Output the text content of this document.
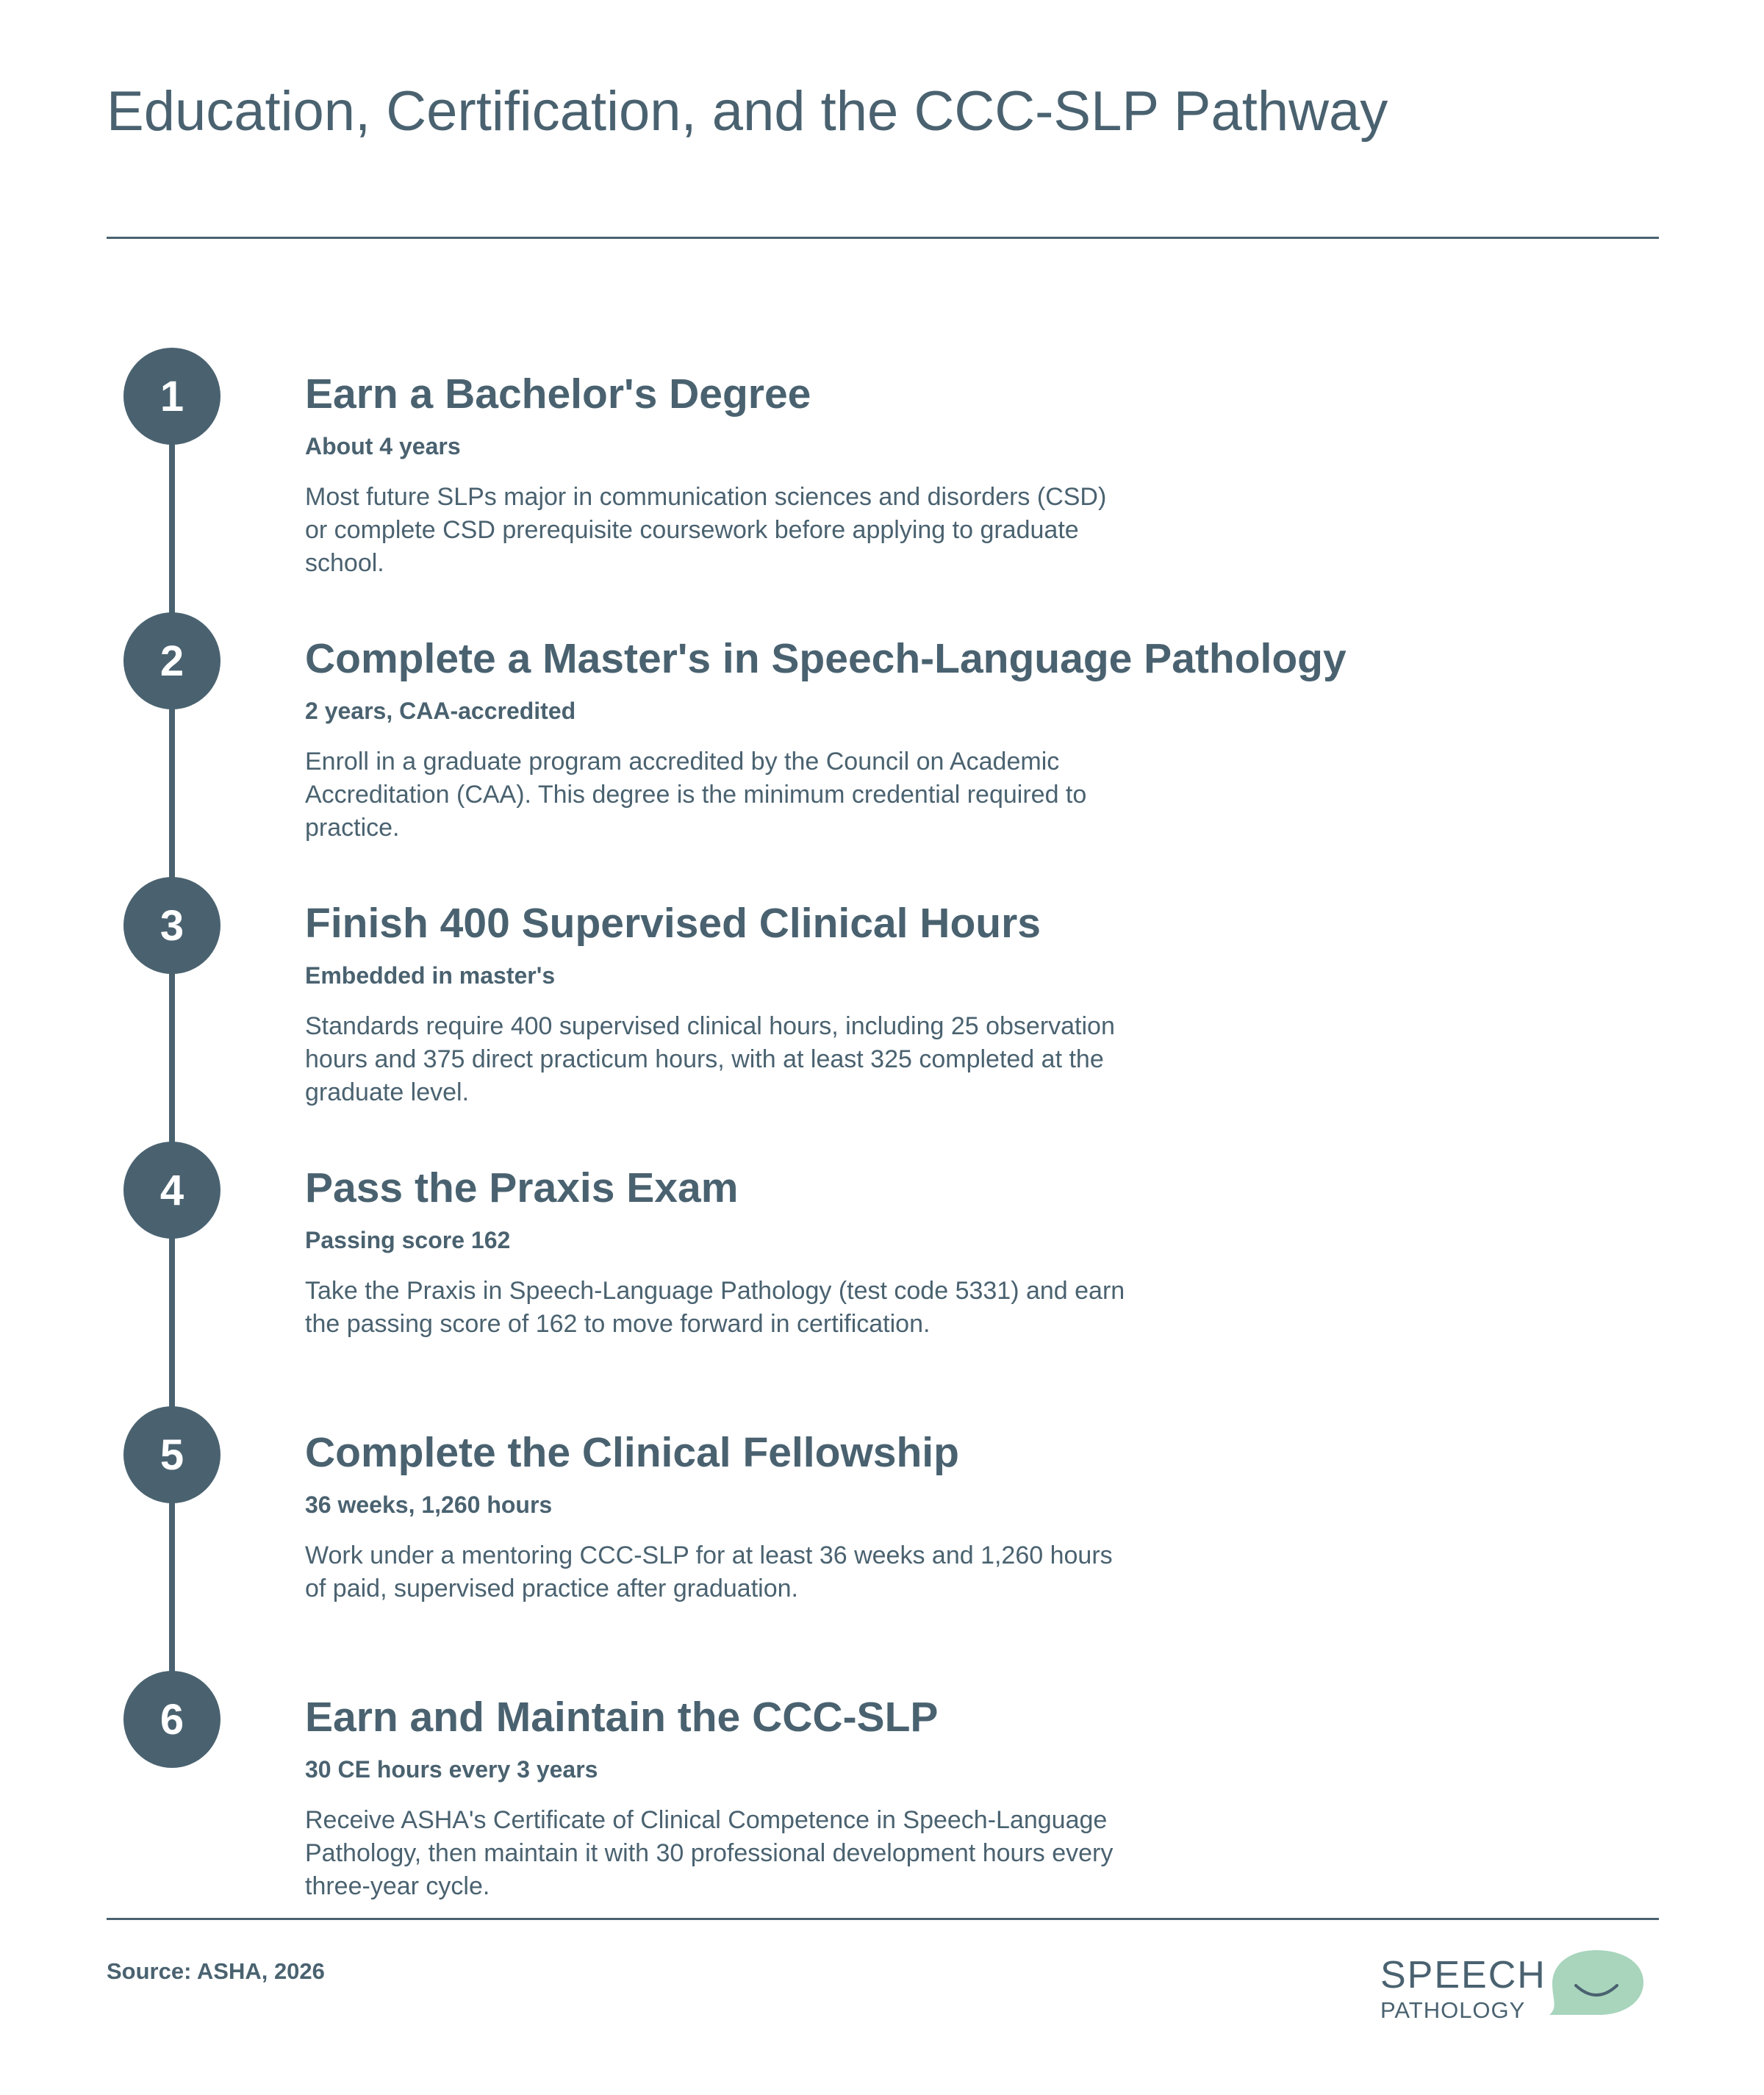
Education, Certification, and the CCC-SLP Pathway
1	Earn a Bachelor's Degree
About 4 years
Most future SLPs major in communication sciences and disorders (CSD) or complete CSD prerequisite coursework before applying to graduate school.
2	Complete a Master's in Speech-Language Pathology
2 years, CAA-accredited
Enroll in a graduate program accredited by the Council on Academic Accreditation (CAA). This degree is the minimum credential required to practice.
3	Finish 400 Supervised Clinical Hours
Embedded in master's
Standards require 400 supervised clinical hours, including 25 observation hours and 375 direct practicum hours, with at least 325 completed at the graduate level.
4	Pass the Praxis Exam
Passing score 162
Take the Praxis in Speech-Language Pathology (test code 5331) and earn the passing score of 162 to move forward in certification.
5	Complete the Clinical Fellowship
36 weeks, 1,260 hours
Work under a mentoring CCC-SLP for at least 36 weeks and 1,260 hours of paid, supervised practice after graduation.
6	Earn and Maintain the CCC-SLP
30 CE hours every 3 years
Receive ASHA's Certificate of Clinical Competence in Speech-Language Pathology, then maintain it with 30 professional development hours every three-year cycle.
Source: ASHA, 2026	SPEECH
PATHOLOGY
